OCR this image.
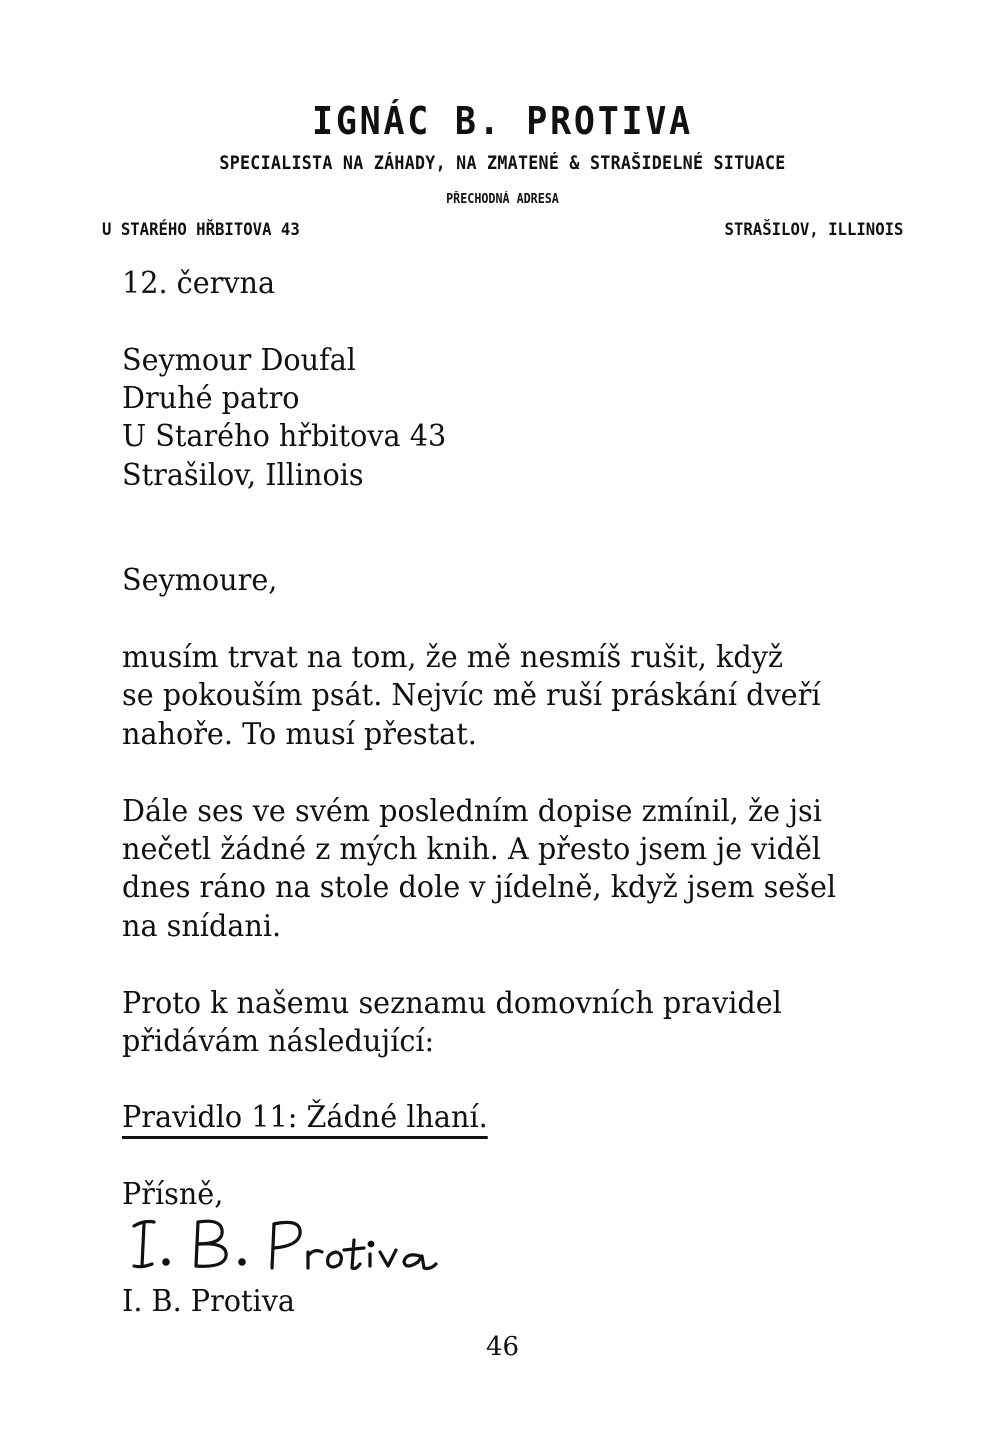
IGNÁC B. PROTIVA
SPECIALISTA NA ZÁHADY, NA ZMATENÉ & STRAŠIDELNÉ SITUACE
PŘECHODNÁ ADRESA
U STARÉHO HŘBITOVA 43	STRAŠILOV, ILLINOIS
12. června
Seymour Doufal
Druhé patro
U Starého hřbitova 43
Strašilov, Illinois
Seymoure,
musím trvat na tom, že mě nesmíš rušit, když
se pokouším psát. Nejvíc mě ruší práskání dveří
nahoře. To musí přestat.
Dále ses ve svém posledním dopise zmínil, že jsi
nečetl žádné z mých knih. A přesto jsem je viděl
dnes ráno na stole dole v jídelně, když jsem sešel
na snídani.
Proto k našemu seznamu domovních pravidel
přidávám následující:
Pravidlo 11: Žádné lhaní.
Přísně,
I. B. Protiva
46
